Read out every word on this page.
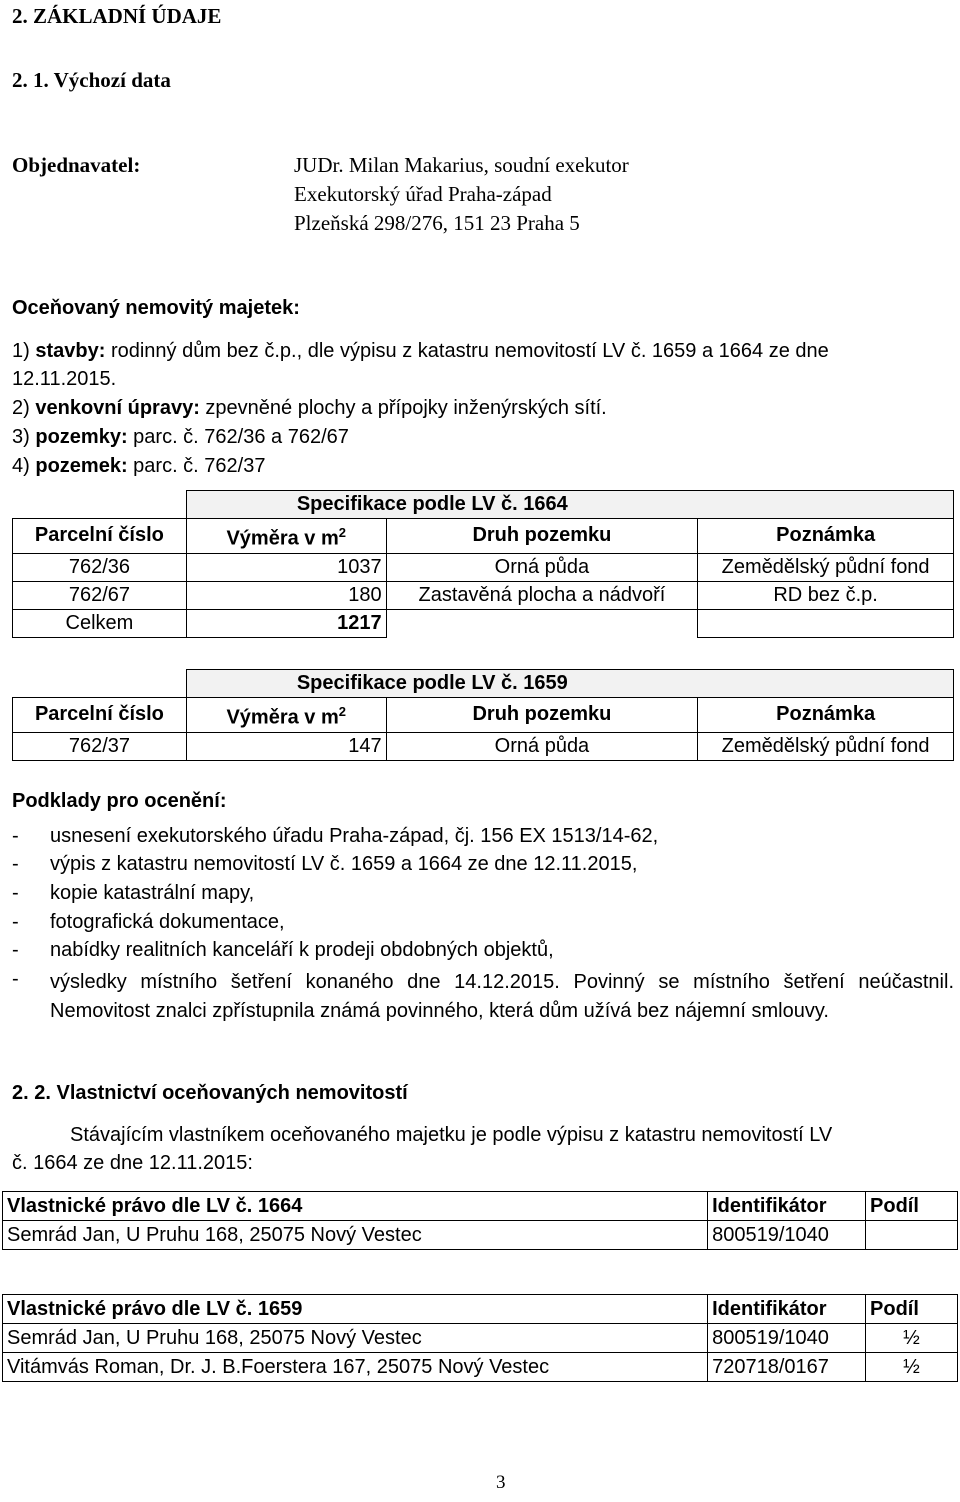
2. ZÁKLADNÍ ÚDAJE
2. 1. Výchozí data
Objednavatel:	JUDr. Milan Makarius, soudní exekutor
Exekutorský úřad Praha-západ
Plzeňská 298/276, 151 23 Praha 5
Oceňovaný nemovitý majetek:
1) stavby: rodinný dům bez č.p., dle výpisu z katastru nemovitostí LV č. 1659 a 1664 ze dne
12.11.2015.
2) venkovní úpravy: zpevněné plochy a přípojky inženýrských sítí.
3) pozemky: parc. č. 762/36 a 762/67
4) pozemek: parc. č. 762/37
	Specifikace podle LV č. 1664		
Parcelní číslo	Výměra v $m^2$	Druh pozemku	Poznámka
762/36	1037	Orná půda	Zemědělský půdní fond
762/67	180	Zastavěná plocha a nádvoří	RD bez č.p.
Celkem	1217		
	Specifikace podle LV č. 1659		
Parcelní číslo	Výměra v $m^2$	Druh pozemku	Poznámka
762/37	147	Orná půda	Zemědělský půdní fond
Podklady pro ocenění:
- usnesení exekutorského úřadu Praha-západ, čj. 156 EX 1513/14-62,
- výpis z katastru nemovitostí LV č. 1659 a 1664 ze dne 12.11.2015,
- kopie katastrální mapy,
- fotografická dokumentace,
- nabídky realitních kanceláří k prodeji obdobných objektů,
- výsledky místního šetření konaného dne 14.12.2015. Povinný se místního šetření neúčastnil. Nemovitost znalci zpřístupnila známá povinného, která dům užívá bez nájemní smlouvy.
2. 2. Vlastnictví oceňovaných nemovitostí
Stávajícím vlastníkem oceňovaného majetku je podle výpisu z katastru nemovitostí LV
č. 1664 ze dne 12.11.2015:
Vlastnické právo dle LV č. 1664	Identifikátor	Podíl
Semrád Jan, U Pruhu 168, 25075 Nový Vestec	800519/1040	
Vlastnické právo dle LV č. 1659	Identifikátor	Podíl
Semrád Jan, U Pruhu 168, 25075 Nový Vestec	800519/1040	½
Vitámvás Roman, Dr. J. B.Foerstera 167, 25075 Nový Vestec	720718/0167	½
3
